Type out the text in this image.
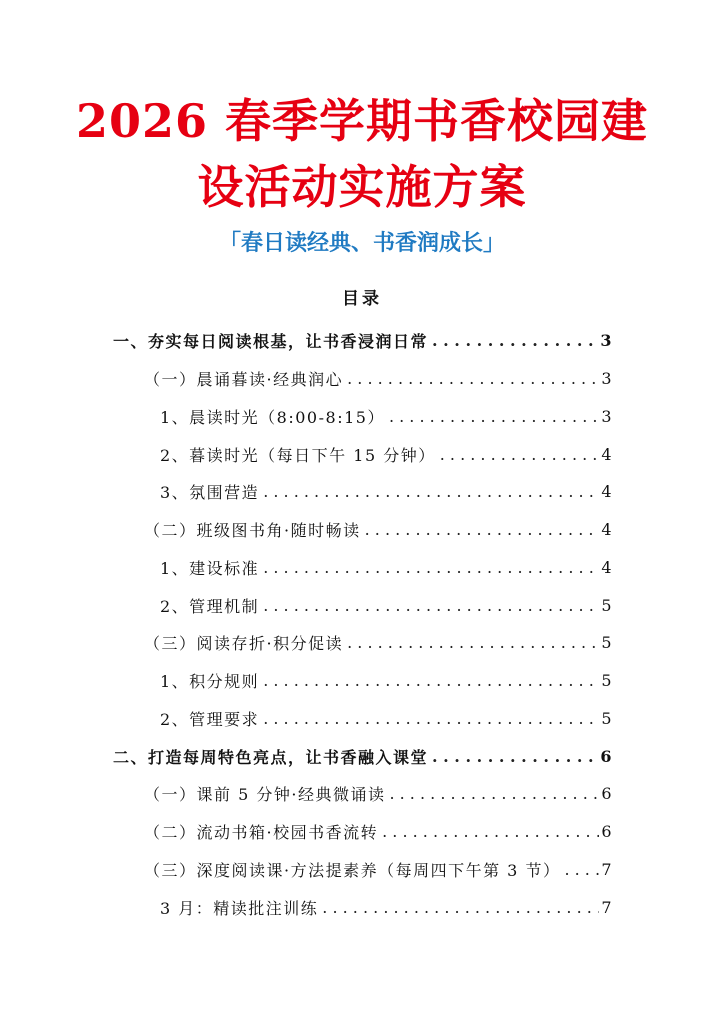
2026 春季学期书香校园建
设活动实施方案
「春日读经典、书香润成长」
目录
一、夯实每日阅读根基，让书香浸润日常 . . .	3
（一）晨诵暮读·经典润心 . . .	3
1、晨读时光（8:00-8:15） . . .	3
2、暮读时光（每日下午 15 分钟） . . .	4
3、氛围营造 . . .	4
（二）班级图书角·随时畅读 . . .	4
1、建设标准 . . .	4
2、管理机制 . . .	5
（三）阅读存折·积分促读 . . .	5
1、积分规则 . . .	5
2、管理要求 . . .	5
二、打造每周特色亮点，让书香融入课堂 . . .	6
（一）课前 5 分钟·经典微诵读 . . .	6
（二）流动书箱·校园书香流转 . . .	6
（三）深度阅读课·方法提素养（每周四下午第 3 节） . . .	7
3 月：精读批注训练 . . .	7
